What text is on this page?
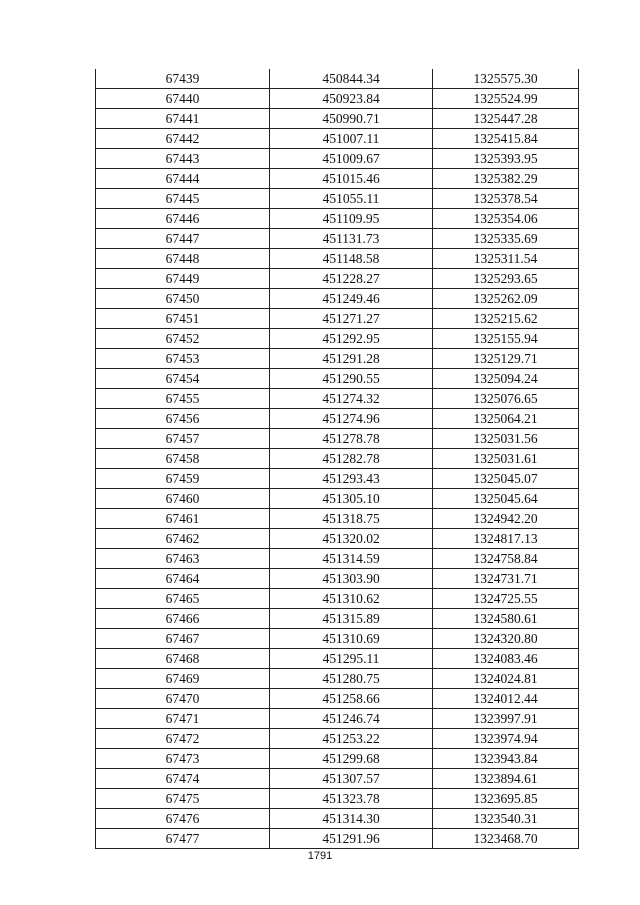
67439	450844.34	1325575.30
67440	450923.84	1325524.99
67441	450990.71	1325447.28
67442	451007.11	1325415.84
67443	451009.67	1325393.95
67444	451015.46	1325382.29
67445	451055.11	1325378.54
67446	451109.95	1325354.06
67447	451131.73	1325335.69
67448	451148.58	1325311.54
67449	451228.27	1325293.65
67450	451249.46	1325262.09
67451	451271.27	1325215.62
67452	451292.95	1325155.94
67453	451291.28	1325129.71
67454	451290.55	1325094.24
67455	451274.32	1325076.65
67456	451274.96	1325064.21
67457	451278.78	1325031.56
67458	451282.78	1325031.61
67459	451293.43	1325045.07
67460	451305.10	1325045.64
67461	451318.75	1324942.20
67462	451320.02	1324817.13
67463	451314.59	1324758.84
67464	451303.90	1324731.71
67465	451310.62	1324725.55
67466	451315.89	1324580.61
67467	451310.69	1324320.80
67468	451295.11	1324083.46
67469	451280.75	1324024.81
67470	451258.66	1324012.44
67471	451246.74	1323997.91
67472	451253.22	1323974.94
67473	451299.68	1323943.84
67474	451307.57	1323894.61
67475	451323.78	1323695.85
67476	451314.30	1323540.31
67477	451291.96	1323468.70
1791
